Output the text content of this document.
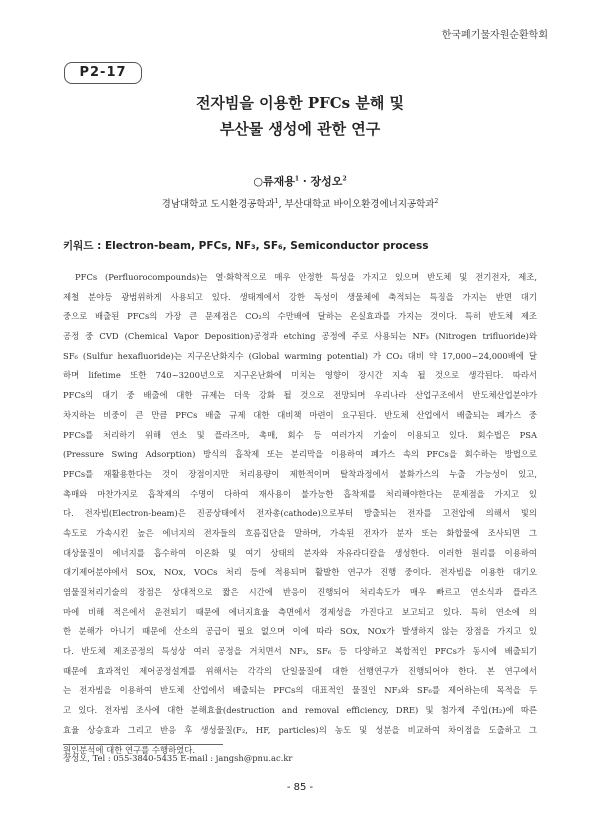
한국폐기물자원순환학회
P2-17
전자빔을 이용한 PFCs 분해 및
부산물 생성에 관한 연구
○류재용$^1$ · 장성오$^2$
경남대학교 도시환경공학과$^1$, 부산대학교 바이오환경에너지공학과$^2$
키워드 : Electron-beam, PFCs, NF₃, SF₆, Semiconductor process
PFCs (Perfluorocompounds)는 열·화학적으로 매우 안정한 특성을 가지고 있으며 반도체 및 전기전자, 제조,
제철 분야등 광범위하게 사용되고 있다. 생태계에서 강한 독성이 생물체에 축적되는 특징을 가지는 반면 대기
중으로 배출된 PFCs의 가장 큰 문제점은 CO₂의 수만배에 달하는 온실효과를 가지는 것이다. 특히 반도체 제조
공정 중 CVD (Chemical Vapor Deposition)공정과 etching 공정에 주로 사용되는 NF₃ (Nitrogen trifluoride)와
SF₆ (Sulfur hexafluoride)는 지구온난화지수 (Global warming potential) 가 CO₂ 대비 약 17,000~24,000배에 달
하며 lifetime 또한 740~3200년으로 지구온난화에 미치는 영향이 장시간 지속 될 것으로 생각된다. 따라서
PFCs의 대기 중 배출에 대한 규제는 더욱 강화 될 것으로 전망되며 우리나라 산업구조에서 반도체산업분야가
차지하는 비중이 큰 만큼 PFCs 배출 규제 대한 대비책 마련이 요구된다. 반도체 산업에서 배출되는 폐가스 중
PFCs를 처리하기 위해 연소 및 플라즈마, 촉매, 회수 등 여러가지 기술이 이용되고 있다. 회수법은 PSA
(Pressure Swing Adsorption) 방식의 흡착제 또는 분리막을 이용하여 폐가스 속의 PFCs을 회수하는 방법으로
PFCs를 재활용한다는 것이 장점이지만 처리용량이 제한적이며 탈착과정에서 불화가스의 누출 가능성이 있고,
촉매와 마찬가지로 흡착제의 수명이 다하여 재사용이 불가능한 흡착제를 처리해야한다는 문제점을 가지고 있
다. 전자빔(Electron-beam)은 진공상태에서 전자총(cathode)으로부터 방출되는 전자를 고전압에 의해서 빛의
속도로 가속시킨 높은 에너지의 전자들의 흐름집단을 말하며, 가속된 전자가 분자 또는 화합물에 조사되면 그
대상물질이 에너지를 흡수하여 이온화 및 여기 상태의 분자와 자유라디칼을 생성한다. 이러한 원리를 이용하여
대기제어분야에서 SOx, NOx, VOCs 처리 등에 적용되며 활발한 연구가 진행 중이다. 전자빔을 이용한 대기오
염물질처리기술의 장점은 상대적으로 짧은 시간에 반응이 진행되어 처리속도가 매우 빠르고 연소식과 플라즈
마에 비해 적은에서 운전되기 때문에 에너지효율 측면에서 경제성을 가진다고 보고되고 있다. 특히 연소에 의
한 분해가 아니기 때문에 산소의 공급이 필요 없으며 이에 따라 SOx, NOx가 발생하지 않는 장점을 가지고 있
다. 반도체 제조공정의 특성상 여러 공정을 거치면서 NF₃, SF₆ 등 다양하고 복합적인 PFCs가 동시에 배출되기
때문에 효과적인 제어공정설계를 위해서는 각각의 단일물질에 대한 선행연구가 진행되어야 한다. 본 연구에서
는 전자빔을 이용하여 반도체 산업에서 배출되는 PFCs의 대표적인 물질인 NF₃와 SF₆를 제어하는데 목적을 두
고 있다. 전자빔 조사에 대한 분해효율(destruction and removal efficiency, DRE) 및 첨가제 주입(H₂)에 따른
효율 상승효과 그리고 반응 후 생성물질(F₂, HF, particles)의 농도 및 성분을 비교하여 차이점을 도출하고 그
원인분석에 대한 연구를 수행하였다.
장성오, Tel : 055-3840-5435 E-mail : jangsh@pnu.ac.kr
- 85 -
